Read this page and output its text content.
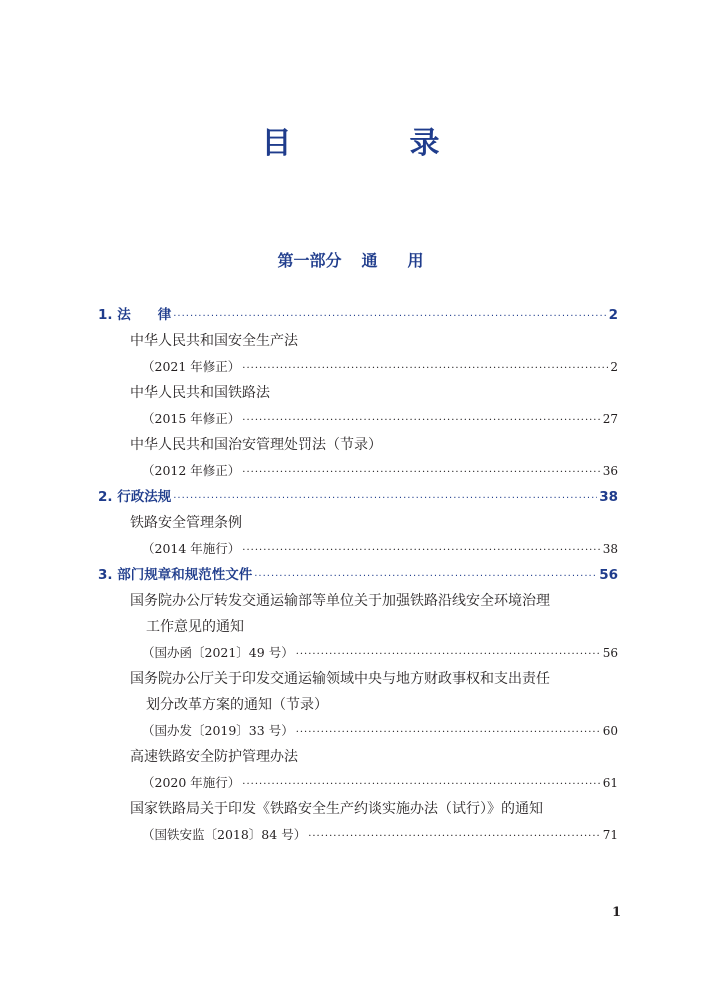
目　录
第一部分 通 用
1. 法　　律 ·····	2
中华人民共和国安全生产法
（2021 年修正） ·····	2
中华人民共和国铁路法
（2015 年修正） ·····	27
中华人民共和国治安管理处罚法（节录）
（2012 年修正） ·····	36
2. 行政法规 ·····	38
铁路安全管理条例
（2014 年施行） ·····	38
3. 部门规章和规范性文件 ·····	56
国务院办公厅转发交通运输部等单位关于加强铁路沿线安全环境治理
工作意见的通知
（国办函〔2021〕49 号） ·····	56
国务院办公厅关于印发交通运输领域中央与地方财政事权和支出责任
划分改革方案的通知（节录）
（国办发〔2019〕33 号） ·····	60
高速铁路安全防护管理办法
（2020 年施行） ·····	61
国家铁路局关于印发《铁路安全生产约谈实施办法（试行）》的通知
（国铁安监〔2018〕84 号） ·····	71
1
